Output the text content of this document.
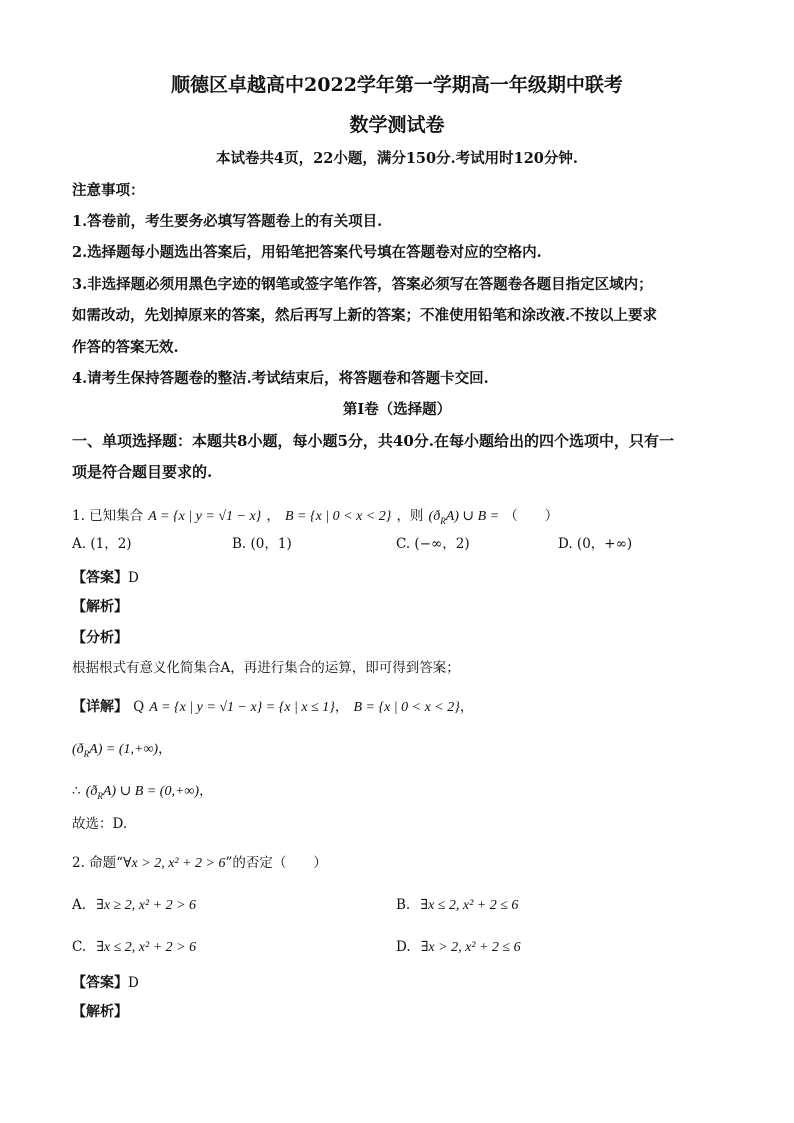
顺德区卓越高中2022学年第一学期高一年级期中联考
数学测试卷
本试卷共4页，22小题，满分150分.考试用时120分钟.
注意事项：
1.答卷前，考生要务必填写答题卷上的有关项目.
2.选择题每小题选出答案后，用铅笔把答案代号填在答题卷对应的空格内.
3.非选择题必须用黑色字迹的钢笔或签字笔作答，答案必须写在答题卷各题目指定区域内；
如需改动，先划掉原来的答案，然后再写上新的答案；不准使用铅笔和涂改液.不按以上要求
作答的答案无效.
4.请考生保持答题卷的整洁.考试结束后，将答题卷和答题卡交回.
第Ⅰ卷（选择题）
一、单项选择题：本题共8小题，每小题5分，共40分.在每小题给出的四个选项中，只有一
项是符合题目要求的.
1. 已知集合 A = {x | y = √1 − x} ， B = {x | 0 < x < 2} ，则 $(ð_RA)$ ∪ B = （　　）
A. (1，2)	B. (0，1)	C. (−∞，2)	D. (0，+∞)
【答案】D
【解析】
【分析】
根据根式有意义化简集合A，再进行集合的运算，即可得到答案；
【详解】 Q A = {x | y = √1 − x} = {x | x ≤ 1}， B = {x | 0 < x < 2}，
$(ð_RA) = (1,+\infty)$，
∴ $(ð_RA)$ ∪ B = (0,+∞)，
故选：D.
2. 命题“∀x > 2, x² + 2 > 6”的否定（　　）
A. ∃x ≥ 2, x² + 2 > 6	B. ∃x ≤ 2, x² + 2 ≤ 6
C. ∃x ≤ 2, x² + 2 > 6	D. ∃x > 2, x² + 2 ≤ 6
【答案】D
【解析】
